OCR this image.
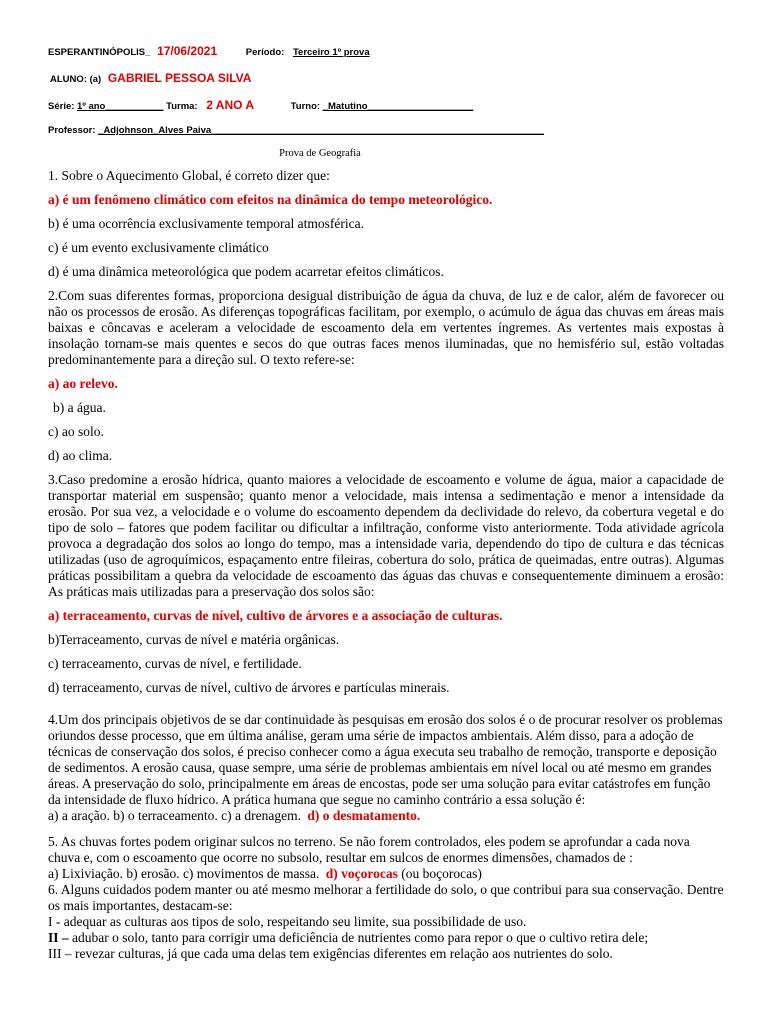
ESPERANTINÓPOLIS_ 17/06/2021	Período: Terceiro 1º prova
ALUNO: (a) GABRIEL PESSOA SILVA
Série: 1º ano___________ Turma: 2 ANO A	Turno: _Matutino____________________
Professor: _Adjohnson_Alves Paiva_______________________________________________________________
Prova de Geografia

1. Sobre o Aquecimento Global, é correto dizer que:

a) é um fenômeno climático com efeitos na dinâmica do tempo meteorológico.

b) é uma ocorrência exclusivamente temporal atmosférica.

c) é um evento exclusivamente climático

d) é uma dinâmica meteorológica que podem acarretar efeitos climáticos.

2.Com suas diferentes formas, proporciona desigual distribuição de água da chuva, de luz e de calor, além de favorecer ou não os processos de erosão. As diferenças topográficas facilitam, por exemplo, o acúmulo de água das chuvas em áreas mais baixas e côncavas e aceleram a velocidade de escoamento dela em vertentes íngremes. As vertentes mais expostas à insolação tornam-se mais quentes e secos do que outras faces menos iluminadas, que no hemisfério sul, estão voltadas predominantemente para a direção sul. O texto refere-se:

a) ao relevo.

b) a água.

c) ao solo.

d) ao clima.

3.Caso predomine a erosão hídrica, quanto maiores a velocidade de escoamento e volume de água, maior a capacidade de transportar material em suspensão; quanto menor a velocidade, mais intensa a sedimentação e menor a intensidade da erosão. Por sua vez, a velocidade e o volume do escoamento dependem da declividade do relevo, da cobertura vegetal e do tipo de solo – fatores que podem facilitar ou dificultar a infiltração, conforme visto anteriormente. Toda atividade agrícola provoca a degradação dos solos ao longo do tempo, mas a intensidade varia, dependendo do tipo de cultura e das técnicas utilizadas (uso de agroquímicos, espaçamento entre fileiras, cobertura do solo, prática de queimadas, entre outras). Algumas práticas possibilitam a quebra da velocidade de escoamento das águas das chuvas e consequentemente diminuem a erosão: As práticas mais utilizadas para a preservação dos solos são:

a) terraceamento, curvas de nível, cultivo de árvores e a associação de culturas.

b)Terraceamento, curvas de nível e matéria orgânicas.

c) terraceamento, curvas de nível, e fertilidade.

d) terraceamento, curvas de nível, cultivo de árvores e partículas minerais.

4.Um dos principais objetivos de se dar continuidade às pesquisas em erosão dos solos é o de procurar resolver os problemas oriundos desse processo, que em última análise, geram uma série de impactos ambientais. Além disso, para a adoção de técnicas de conservação dos solos, é preciso conhecer como a água executa seu trabalho de remoção, transporte e deposição de sedimentos. A erosão causa, quase sempre, uma série de problemas ambientais em nível local ou até mesmo em grandes áreas. A preservação do solo, principalmente em áreas de encostas, pode ser uma solução para evitar catástrofes em função da intensidade de fluxo hídrico. A prática humana que segue no caminho contrário a essa solução é:

a) a aração. b) o terraceamento. c) a drenagem. d) o desmatamento.

5. As chuvas fortes podem originar sulcos no terreno. Se não forem controlados, eles podem se aprofundar a cada nova chuva e, com o escoamento que ocorre no subsolo, resultar em sulcos de enormes dimensões, chamados de :

a) Lixiviação. b) erosão. c) movimentos de massa. d) voçorocas (ou boçorocas)

6. Alguns cuidados podem manter ou até mesmo melhorar a fertilidade do solo, o que contribui para sua conservação. Dentre os mais importantes, destacam-se:

I - adequar as culturas aos tipos de solo, respeitando seu limite, sua possibilidade de uso.

II – adubar o solo, tanto para corrigir uma deficiência de nutrientes como para repor o que o cultivo retira dele;

III – revezar culturas, já que cada uma delas tem exigências diferentes em relação aos nutrientes do solo.
